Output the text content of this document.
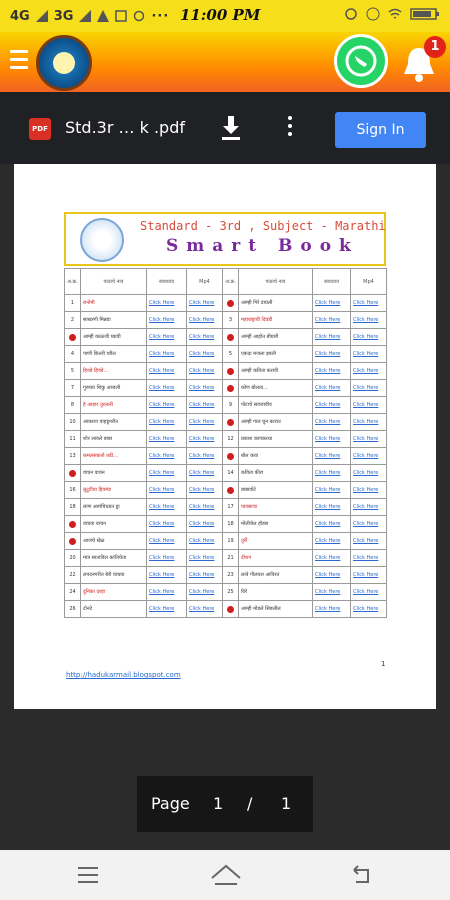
4G 3G	··· 11:00 PM
1
PDF Std.3r … k .pdf	Sign In
Standard - 3rd , Subject - Marathi
Smart Book
अ.क्र.	पाठाचे नाव	स्वाध्याय	Mp4	अ.क्र.	पाठाचे नाव	स्वाध्याय	Mp4
1	रानोमी	Click Here	Click Here		आम्ही गिरे डायली	Click Here	Click Here
2	साखरगी मिन्नडा	Click Here	Click Here	3	महाराष्ट्राची दिवडी	Click Here	Click Here
	आम्ही काळजी घ्यावी	Click Here	Click Here		आम्ही आहोत बीयारी	Click Here	Click Here
4	पाणी कितरी चाील	Click Here	Click Here	5	एकदा मजला झाली	Click Here	Click Here
5	हिवडे हिवडे…	Click Here	Click Here		आम्ही कविता करावी	Click Here	Click Here
7	गुरुच्या शिकु आजली	Click Here	Click Here		कोण बोलता…	Click Here	Click Here
8	हे आहार तुरलली	Click Here	Click Here	9	पोटाचे सवजावीव	Click Here	Click Here
10	आकाशा पाहडूनरीत	Click Here	Click Here		आम्ही गाल घुन काराउ	Click Here	Click Here
11	शोर लावले बाबा	Click Here	Click Here	12	प्रकाश कापकरधा	Click Here	Click Here
13	कमलसकतो तडी…	Click Here	Click Here		बोल कवा	Click Here	Click Here
	वाचन वाचन	Click Here	Click Here	14	कविता कीरा	Click Here	Click Here
16	लुटुटीया हिवमंड	Click Here	Click Here		बाबावोटे	Click Here	Click Here
18	लाण आमंचिधडत ड्डा	Click Here	Click Here	17	पावसाचा	Click Here	Click Here
	वाचवा वाचन	Click Here	Click Here	18	मोलीचेल हॉडस	Click Here	Click Here
	आजचे खेळ	Click Here	Click Here	19	तुर्री	Click Here	Click Here
20	मात्र साताविल कांतिचेता	Click Here	Click Here	21	दीशन	Click Here	Click Here
22	लपदनगरीत बेरी वाचवा	Click Here	Click Here	23	लावे गौलवल आविरत	Click Here	Click Here
24	दुनिका दरहा	Click Here	Click Here	25	विरे	Click Here	Click Here
26	टोनटे	Click Here	Click Here		आम्ही मोडले सिवलील	Click Here	Click Here
1
http://hadukarmail.blogspot.com
Page 1 / 1
